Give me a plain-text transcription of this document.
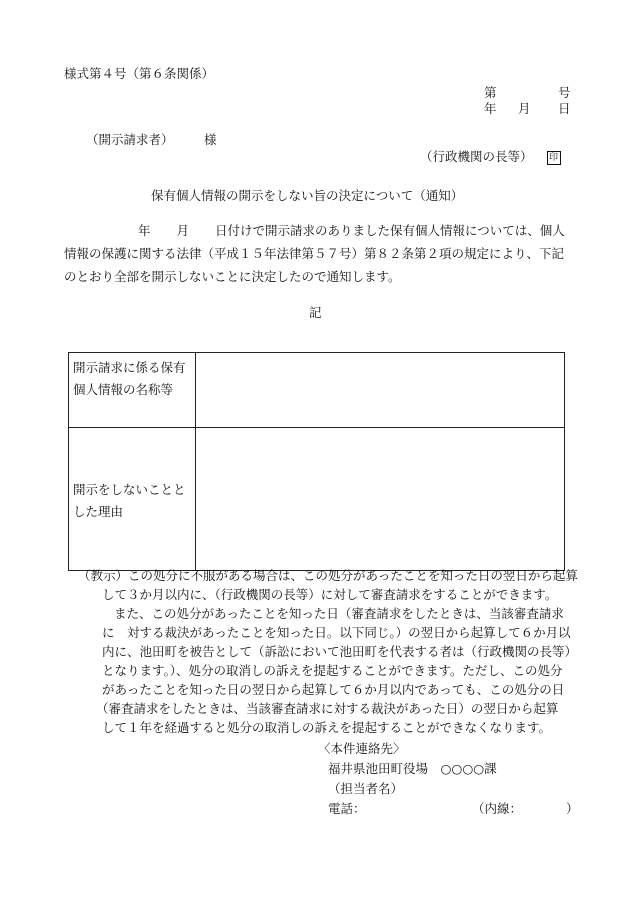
様式第４号（第６条関係）
第	号
年 月 日
（開示請求者） 様
（行政機関の長等） 印
保有個人情報の開示をしない旨の決定について（通知）
年 月 日付けで開示請求のありました保有個人情報については、個人情報の保護に関する法律（平成１５年法律第５７号）第８２条第２項の規定により、下記のとおり全部を開示しないことに決定したので通知します。
記
開示請求に係る保有個人情報の名称等	
開示をしないこととした理由	
（教示）この処分に不服がある場合は、この処分があったことを知った日の翌日から起算
して３か月以内に、（行政機関の長等）に対して審査請求をすることができます。
また、この処分があったことを知った日（審査請求をしたときは、当該審査請求
に　対する裁決があったことを知った日。以下同じ。）の翌日から起算して６か月以
内に、池田町を被告として（訴訟において池田町を代表する者は（行政機関の長等）
となります。）、処分の取消しの訴えを提起することができます。ただし、この処分
があったことを知った日の翌日から起算して６か月以内であっても、この処分の日
（審査請求をしたときは、当該審査請求に対する裁決があった日）の翌日から起算
して１年を経過すると処分の取消しの訴えを提起することができなくなります。
〈本件連絡先〉
福井県池田町役場　○○○○課
（担当者名）
電話：	（内線：	）
